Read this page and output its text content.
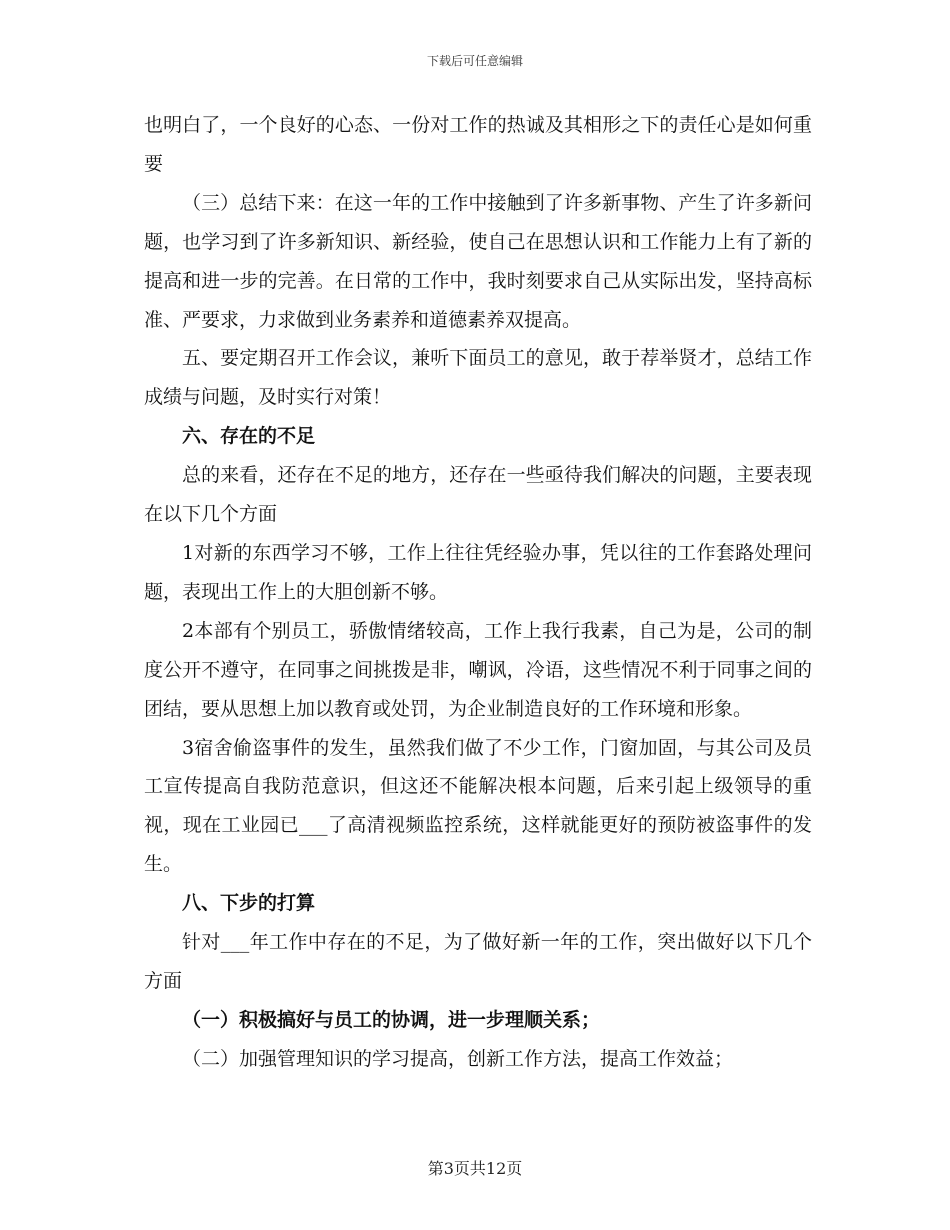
下载后可任意编辑

也明白了，一个良好的心态、一份对工作的热诚及其相形之下的责任心是如何重要

（三）总结下来：在这一年的工作中接触到了许多新事物、产生了许多新问题，也学习到了许多新知识、新经验，使自己在思想认识和工作能力上有了新的提高和进一步的完善。在日常的工作中，我时刻要求自己从实际出发，坚持高标准、严要求，力求做到业务素养和道德素养双提高。

五、要定期召开工作会议，兼听下面员工的意见，敢于荐举贤才，总结工作成绩与问题，及时实行对策！

六、存在的不足

总的来看，还存在不足的地方，还存在一些亟待我们解决的问题，主要表现在以下几个方面

1对新的东西学习不够，工作上往往凭经验办事，凭以往的工作套路处理问题，表现出工作上的大胆创新不够。

2本部有个别员工，骄傲情绪较高，工作上我行我素，自己为是，公司的制度公开不遵守，在同事之间挑拨是非，嘲讽，冷语，这些情况不利于同事之间的团结，要从思想上加以教育或处罚，为企业制造良好的工作环境和形象。

3宿舍偷盗事件的发生，虽然我们做了不少工作，门窗加固，与其公司及员工宣传提高自我防范意识，但这还不能解决根本问题，后来引起上级领导的重视，现在工业园已___了高清视频监控系统，这样就能更好的预防被盗事件的发生。

八、下步的打算

针对___年工作中存在的不足，为了做好新一年的工作，突出做好以下几个方面

（一）积极搞好与员工的协调，进一步理顺关系；

（二）加强管理知识的学习提高，创新工作方法，提高工作效益；

第3页共12页
